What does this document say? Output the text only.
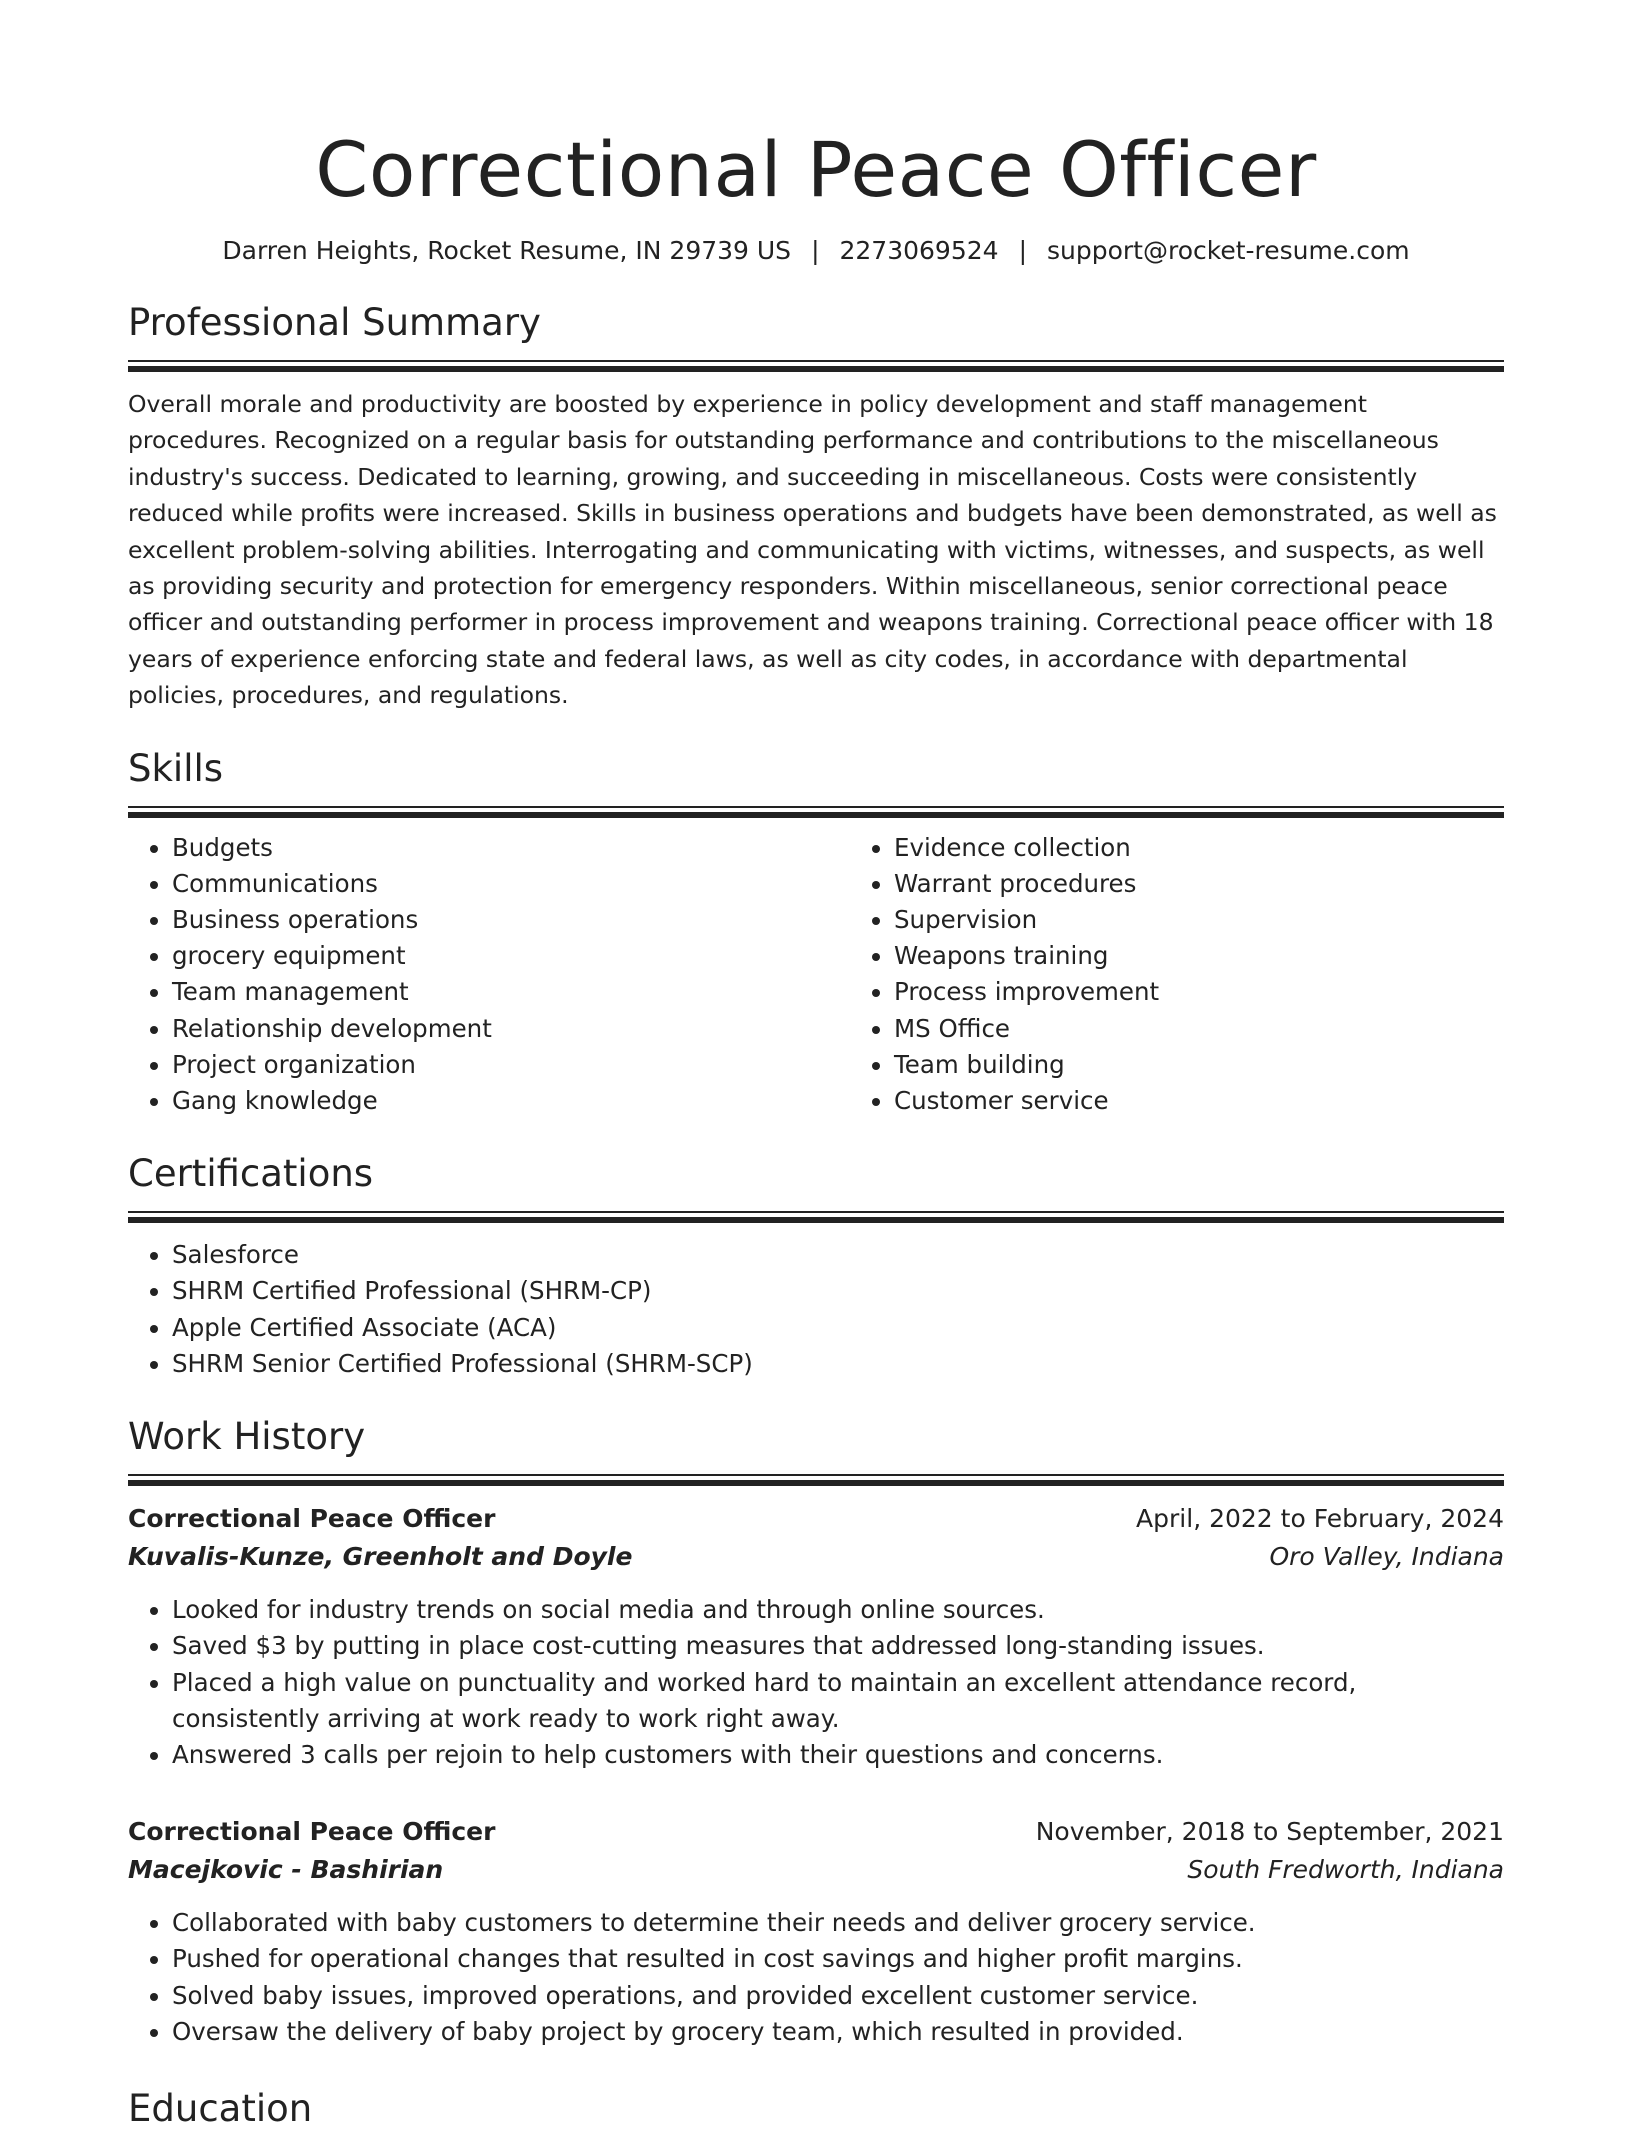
Correctional Peace Officer
Darren Heights, Rocket Resume, IN 29739 US | 2273069524 | support@rocket-resume.com
Professional Summary
Overall morale and productivity are boosted by experience in policy development and staff management procedures. Recognized on a regular basis for outstanding performance and contributions to the miscellaneous industry's success. Dedicated to learning, growing, and succeeding in miscellaneous. Costs were consistently reduced while profits were increased. Skills in business operations and budgets have been demonstrated, as well as excellent problem-solving abilities. Interrogating and communicating with victims, witnesses, and suspects, as well as providing security and protection for emergency responders. Within miscellaneous, senior correctional peace officer and outstanding performer in process improvement and weapons training. Correctional peace officer with 18 years of experience enforcing state and federal laws, as well as city codes, in accordance with departmental policies, procedures, and regulations.
Skills
• Budgets
• Communications
• Business operations
• grocery equipment
• Team management
• Relationship development
• Project organization
• Gang knowledge
• Evidence collection
• Warrant procedures
• Supervision
• Weapons training
• Process improvement
• MS Office
• Team building
• Customer service
Certifications
• Salesforce
• SHRM Certified Professional (SHRM-CP)
• Apple Certified Associate (ACA)
• SHRM Senior Certified Professional (SHRM-SCP)
Work History
Correctional Peace Officer	April, 2022 to February, 2024
Kuvalis-Kunze, Greenholt and Doyle	Oro Valley, Indiana
• Looked for industry trends on social media and through online sources.
• Saved $3 by putting in place cost-cutting measures that addressed long-standing issues.
• Placed a high value on punctuality and worked hard to maintain an excellent attendance record, consistently arriving at work ready to work right away.
• Answered 3 calls per rejoin to help customers with their questions and concerns.
Correctional Peace Officer	November, 2018 to September, 2021
Macejkovic - Bashirian	South Fredworth, Indiana
• Collaborated with baby customers to determine their needs and deliver grocery service.
• Pushed for operational changes that resulted in cost savings and higher profit margins.
• Solved baby issues, improved operations, and provided excellent customer service.
• Oversaw the delivery of baby project by grocery team, which resulted in provided.
Education
